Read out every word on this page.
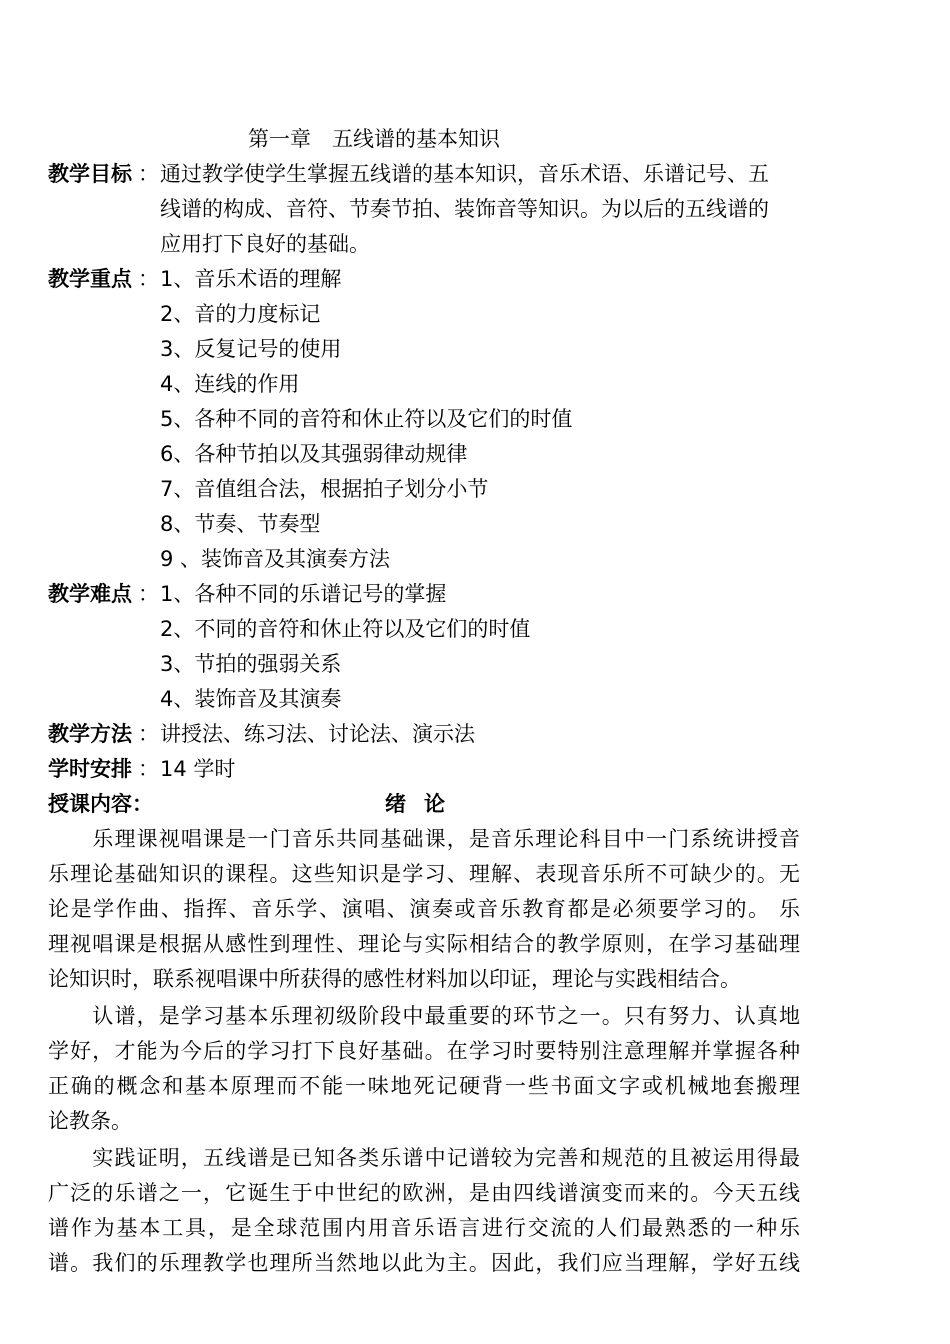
第一章　五线谱的基本知识
教学目标 ： 通过教学使学生掌握五线谱的基本知识，音乐术语、乐谱记号、五
线谱的构成、音符、节奏节拍、装饰音等知识。为以后的五线谱的
应用打下良好的基础。
教学重点 ： 1、音乐术语的理解
2、音的力度标记
3、反复记号的使用
4、连线的作用
5、各种不同的音符和休止符以及它们的时值
6、各种节拍以及其强弱律动规律
7、音值组合法，根据拍子划分小节
8、节奏、节奏型
9 、装饰音及其演奏方法
教学难点 ： 1、各种不同的乐谱记号的掌握
2、不同的音符和休止符以及它们的时值
3、节拍的强弱关系
4、装饰音及其演奏
教学方法 ： 讲授法、练习法、讨论法、演示法
学时安排 ： 14 学时
授课内容：	绪论
　　乐理课视唱课是一门音乐共同基础课，是音乐理论科目中一门系统讲授音
乐理论基础知识的课程。这些知识是学习、理解、表现音乐所不可缺少的。无
论是学作曲、指挥、音乐学、演唱、演奏或音乐教育都是必须要学习的。 乐
理视唱课是根据从感性到理性、理论与实际相结合的教学原则，在学习基础理
论知识时，联系视唱课中所获得的感性材料加以印证，理论与实践相结合。
　　认谱，是学习基本乐理初级阶段中最重要的环节之一。只有努力、认真地
学好，才能为今后的学习打下良好基础。在学习时要特别注意理解并掌握各种
正确的概念和基本原理而不能一味地死记硬背一些书面文字或机械地套搬理
论教条。
　　实践证明，五线谱是已知各类乐谱中记谱较为完善和规范的且被运用得最
广泛的乐谱之一，它诞生于中世纪的欧洲，是由四线谱演变而来的。今天五线
谱作为基本工具，是全球范围内用音乐语言进行交流的人们最熟悉的一种乐
谱。我们的乐理教学也理所当然地以此为主。因此，我们应当理解，学好五线
